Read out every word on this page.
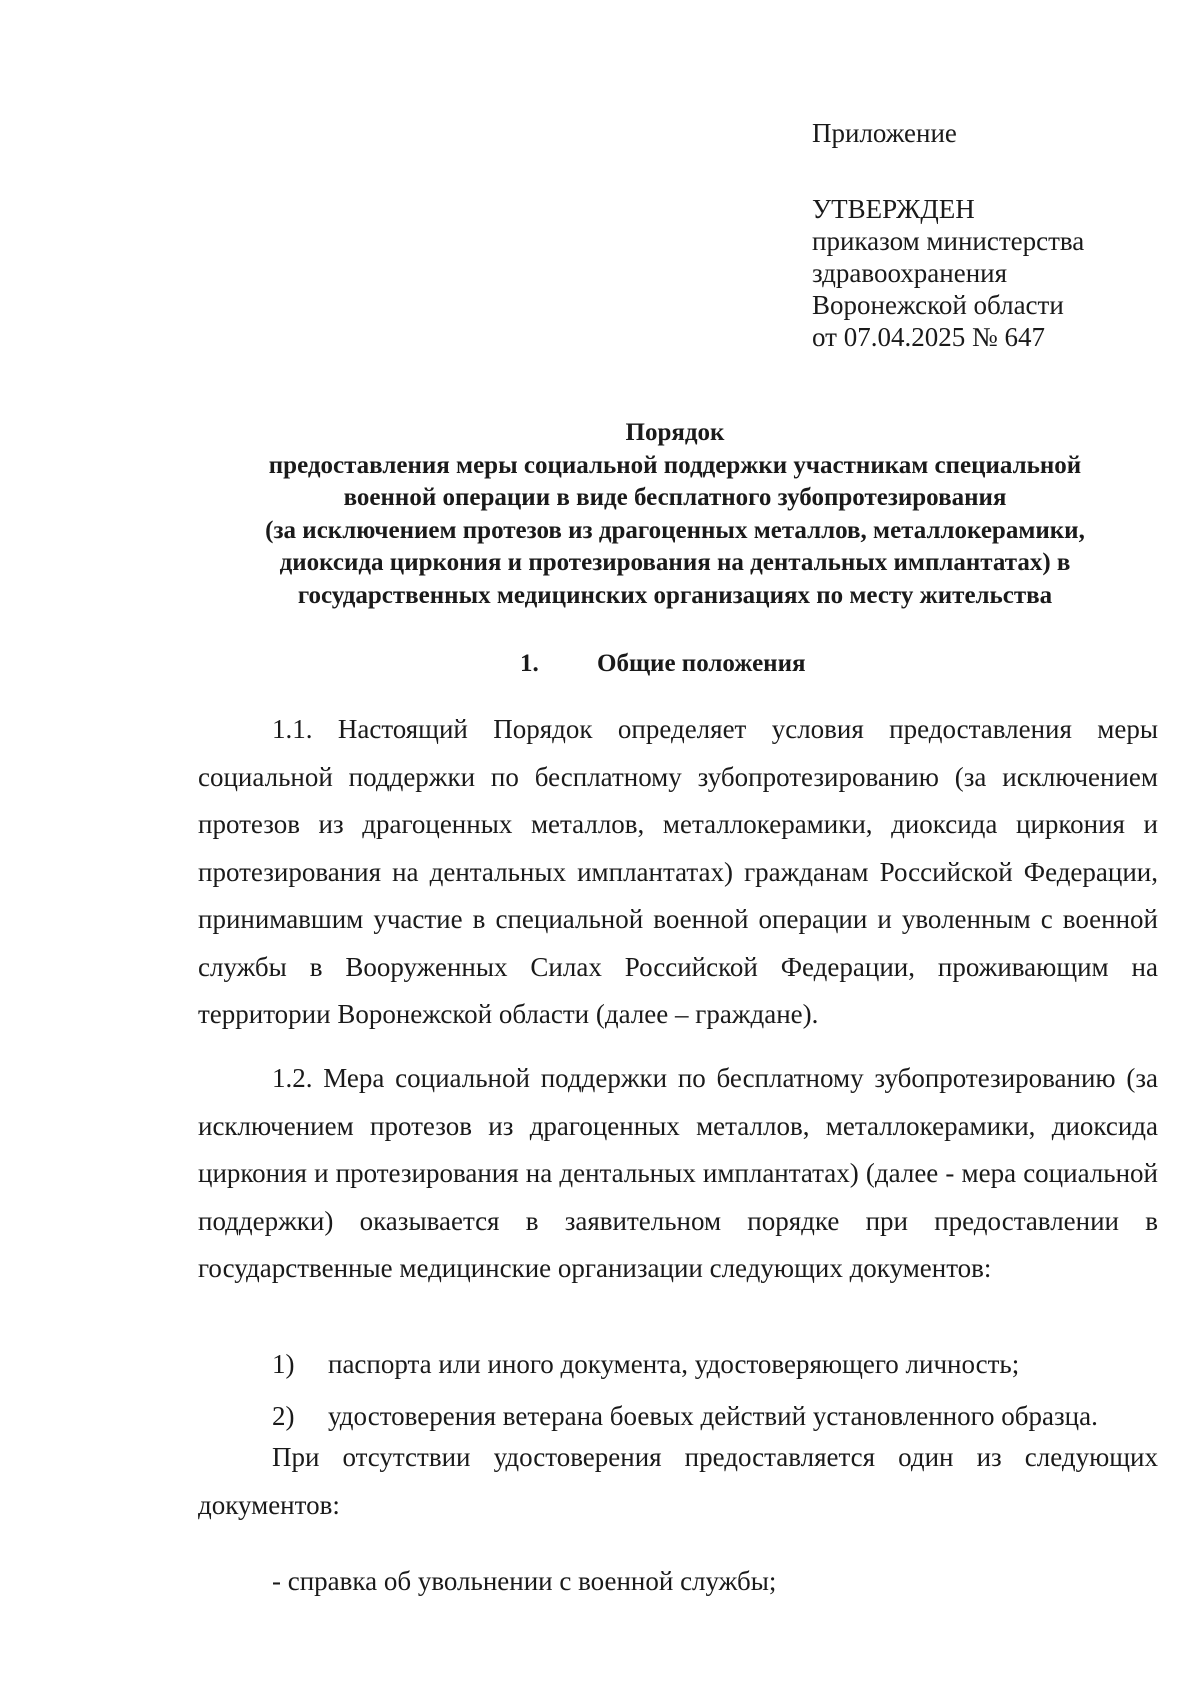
Приложение
УТВЕРЖДЕН
приказом министерства
здравоохранения
Воронежской области
от 07.04.2025 № 647
Порядок
предоставления меры социальной поддержки участникам специальной
военной операции в виде бесплатного зубопротезирования
(за исключением протезов из драгоценных металлов, металлокерамики,
диоксида циркония и протезирования на дентальных имплантатах) в
государственных медицинских организациях по месту жительства
1. Общие положения

1.1. Настоящий Порядок определяет условия предоставления меры социальной поддержки по бесплатному зубопротезированию (за исключением протезов из драгоценных металлов, металлокерамики, диоксида циркония и протезирования на дентальных имплантатах) гражданам Российской Федерации, принимавшим участие в специальной военной операции и уволенным с военной службы в Вооруженных Силах Российской Федерации, проживающим на территории Воронежской области (далее – граждане).

1.2. Мера социальной поддержки по бесплатному зубопротезированию (за исключением протезов из драгоценных металлов, металлокерамики, диоксида циркония и протезирования на дентальных имплантатах) (далее - мера социальной поддержки) оказывается в заявительном порядке при предоставлении в государственные медицинские организации следующих документов:

1) паспорта или иного документа, удостоверяющего личность;
2) удостоверения ветерана боевых действий установленного образца.

При отсутствии удостоверения предоставляется один из следующих документов:

- справка об увольнении с военной службы;
